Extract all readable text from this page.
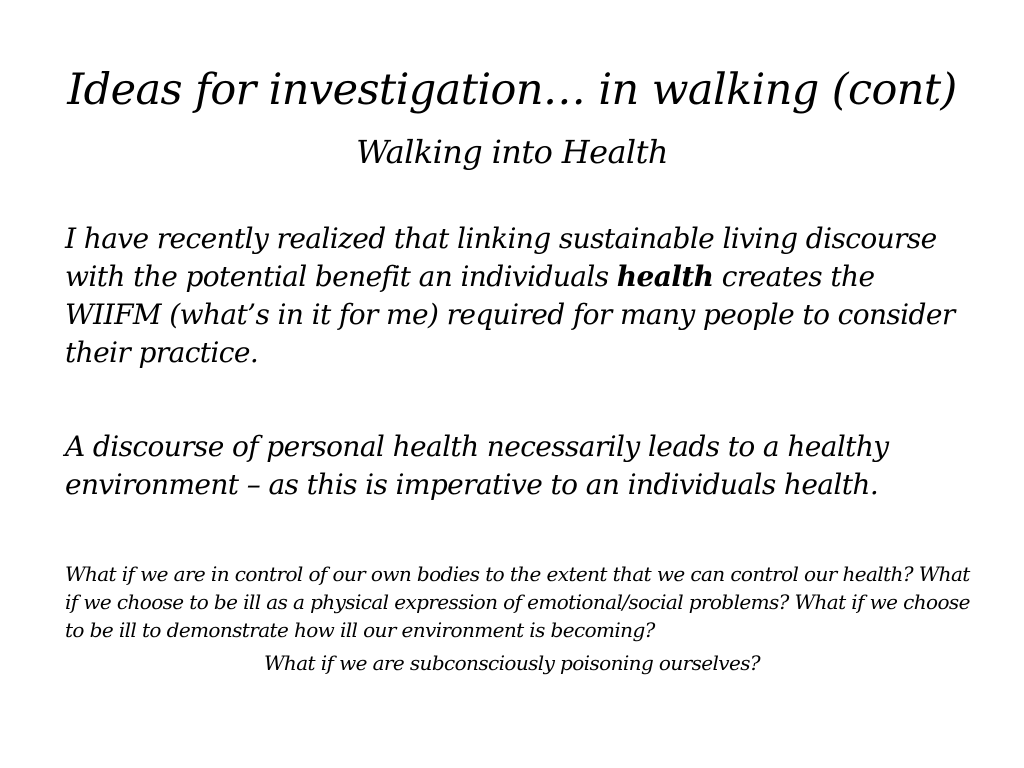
Ideas for investigation… in walking (cont)
Walking into Health
I have recently realized that linking sustainable living discourse with the potential benefit an individuals health creates the WIIFM (what’s in it for me) required for many people to consider their practice.
A discourse of personal health necessarily leads to a healthy environment – as this is imperative to an individuals health.
What if we are in control of our own bodies to the extent that we can control our health? What if we choose to be ill as a physical expression of emotional/social problems? What if we choose to be ill to demonstrate how ill our environment is becoming?
What if we are subconsciously poisoning ourselves?
